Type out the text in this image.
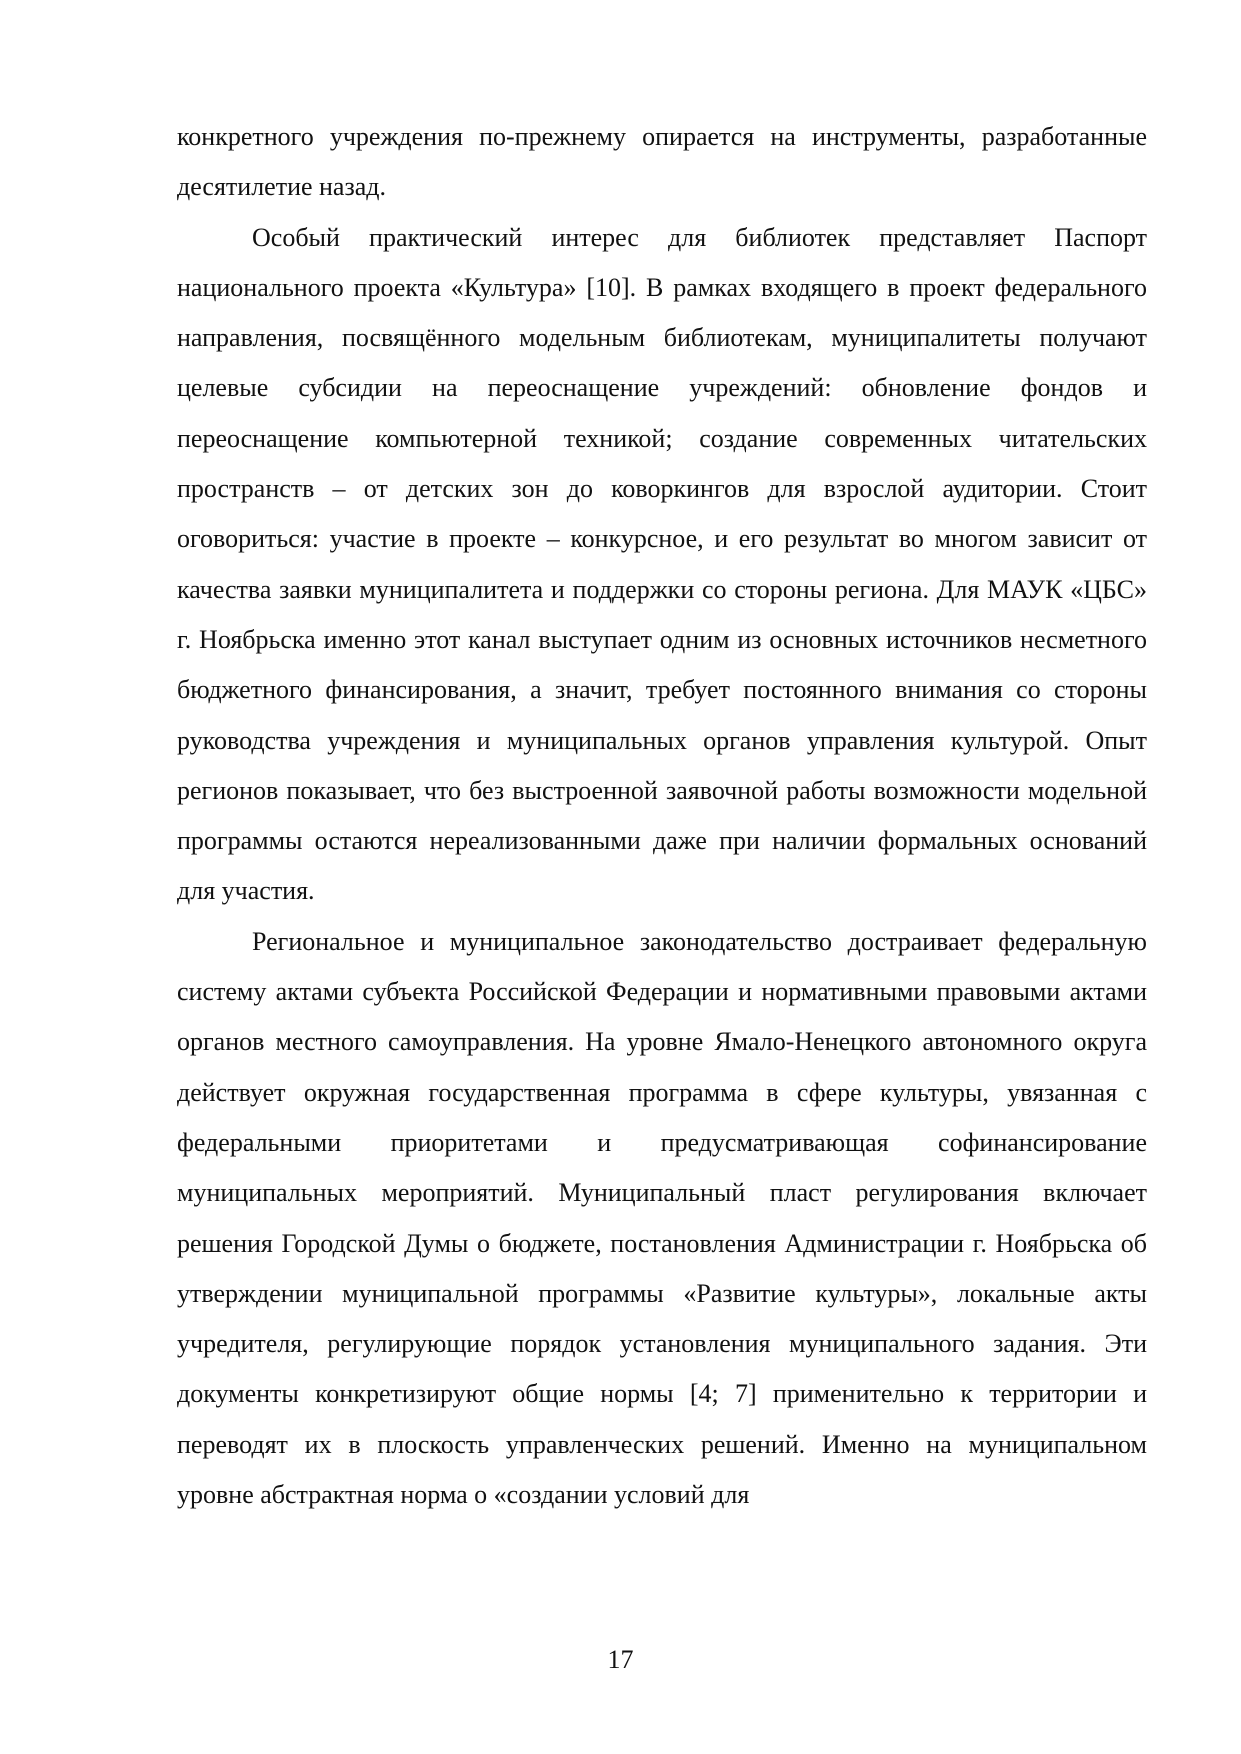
конкретного учреждения по-прежнему опирается на инструменты, разработанные десятилетие назад.

Особый практический интерес для библиотек представляет Паспорт национального проекта «Культура» [10]. В рамках входящего в проект федерального направления, посвящённого модельным библиотекам, муниципалитеты получают целевые субсидии на переоснащение учреждений: обновление фондов и переоснащение компьютерной техникой; создание современных читательских пространств – от детских зон до коворкингов для взрослой аудитории. Стоит оговориться: участие в проекте – конкурсное, и его результат во многом зависит от качества заявки муниципалитета и поддержки со стороны региона. Для МАУК «ЦБС» г. Ноябрьска именно этот канал выступает одним из основных источников несметного бюджетного финансирования, а значит, требует постоянного внимания со стороны руководства учреждения и муниципальных органов управления культурой. Опыт регионов показывает, что без выстроенной заявочной работы возможности модельной программы остаются нереализованными даже при наличии формальных оснований для участия.

Региональное и муниципальное законодательство достраивает федеральную систему актами субъекта Российской Федерации и нормативными правовыми актами органов местного самоуправления. На уровне Ямало-Ненецкого автономного округа действует окружная государственная программа в сфере культуры, увязанная с федеральными приоритетами и предусматривающая софинансирование муниципальных мероприятий. Муниципальный пласт регулирования включает решения Городской Думы о бюджете, постановления Администрации г. Ноябрьска об утверждении муниципальной программы «Развитие культуры», локальные акты учредителя, регулирующие порядок установления муниципального задания. Эти документы конкретизируют общие нормы [4; 7] применительно к территории и переводят их в плоскость управленческих решений. Именно на муниципальном уровне абстрактная норма о «создании условий для

17
